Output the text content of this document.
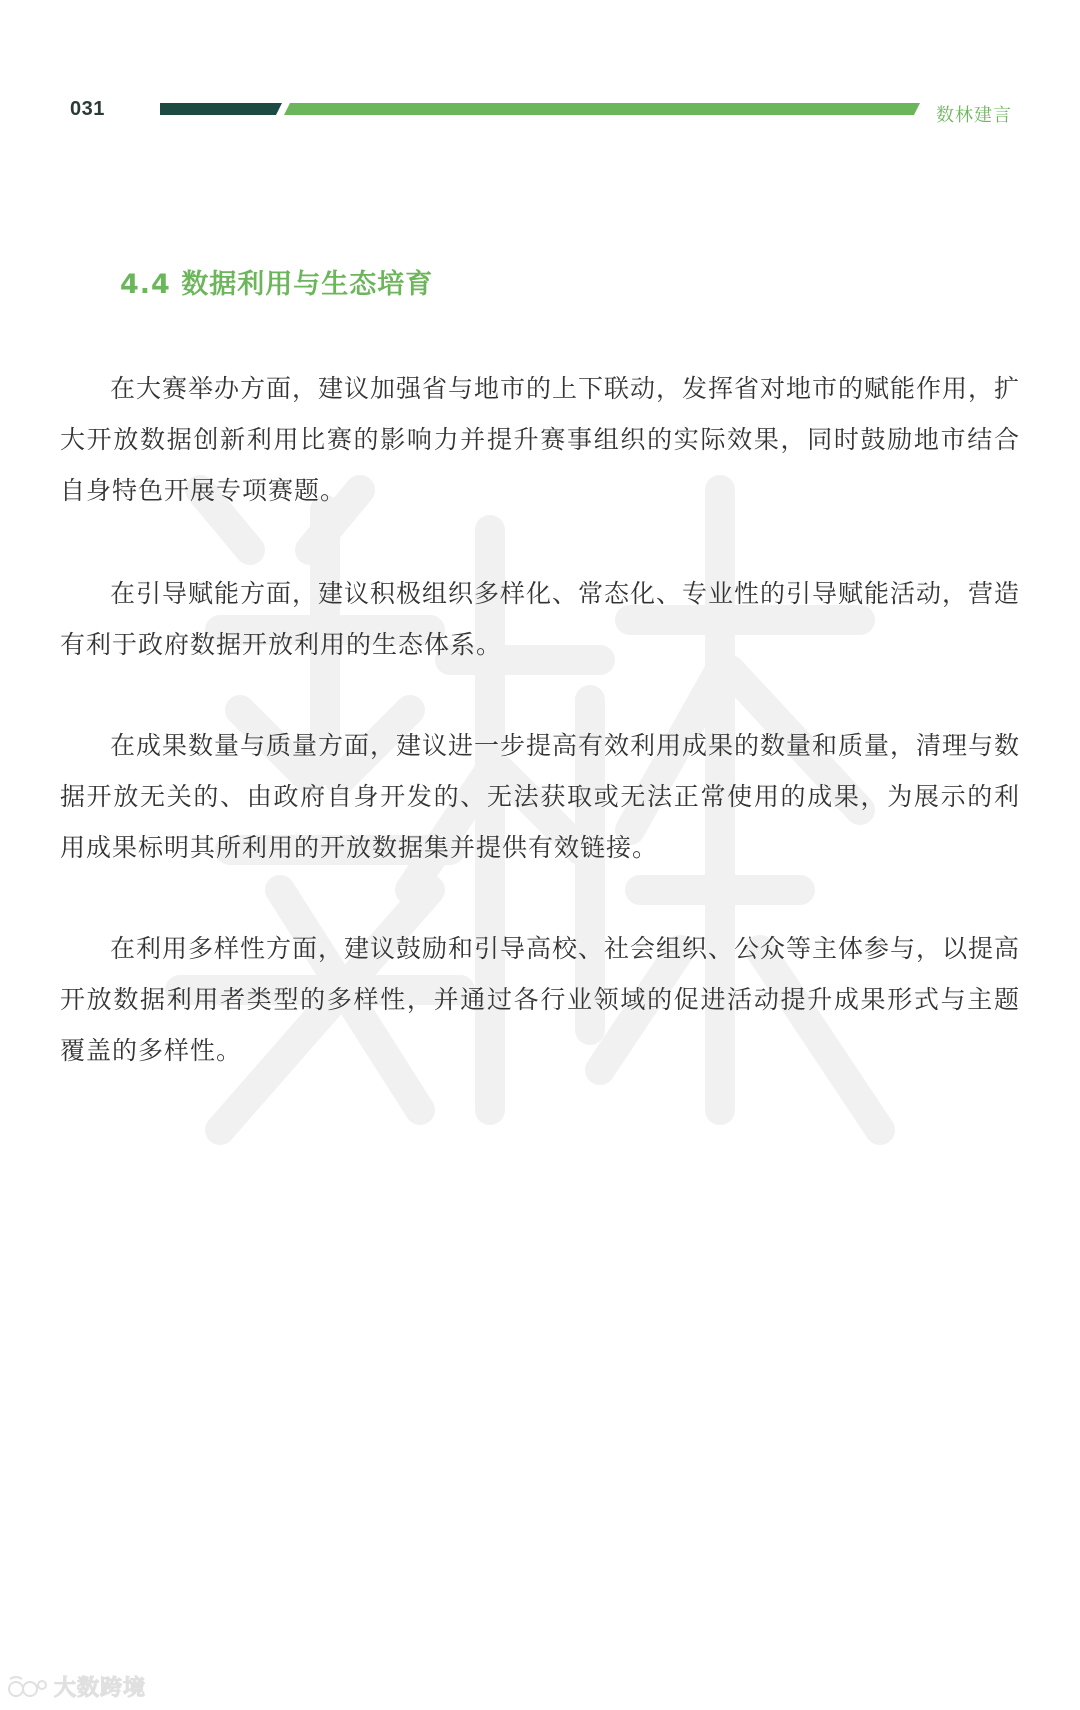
031	数林建言
4.4 数据利用与生态培育

在大赛举办方面，建议加强省与地市的上下联动，发挥省对地市的赋能作用，扩大开放数据创新利用比赛的影响力并提升赛事组织的实际效果，同时鼓励地市结合自身特色开展专项赛题。

在引导赋能方面，建议积极组织多样化、常态化、专业性的引导赋能活动，营造有利于政府数据开放利用的生态体系。

在成果数量与质量方面，建议进一步提高有效利用成果的数量和质量，清理与数据开放无关的、由政府自身开发的、无法获取或无法正常使用的成果，为展示的利用成果标明其所利用的开放数据集并提供有效链接。

在利用多样性方面，建议鼓励和引导高校、社会组织、公众等主体参与，以提高开放数据利用者类型的多样性，并通过各行业领域的促进活动提升成果形式与主题覆盖的多样性。

大数跨境
